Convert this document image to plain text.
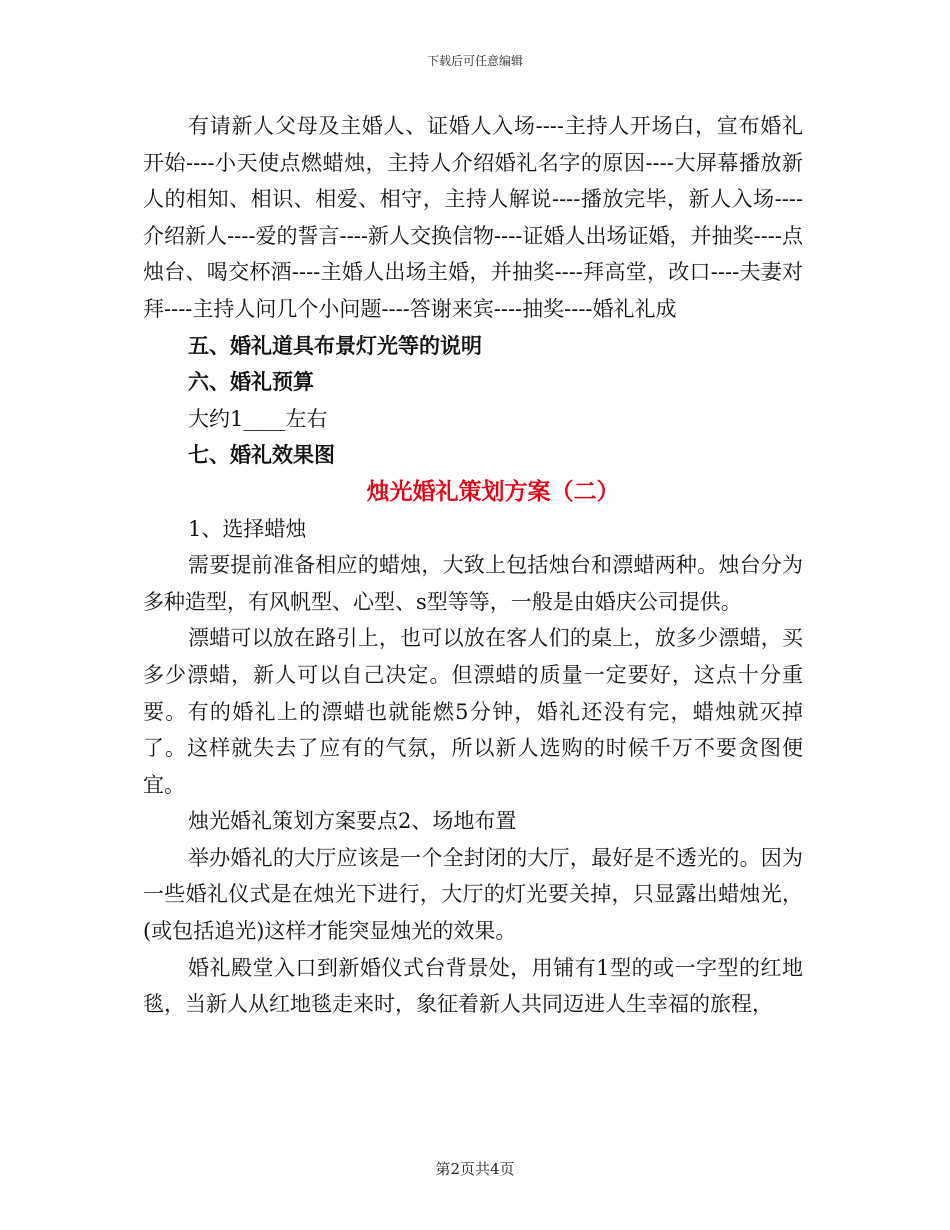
下载后可任意编辑

有请新人父母及主婚人、证婚人入场----主持人开场白，宣布婚礼开始----小天使点燃蜡烛，主持人介绍婚礼名字的原因----大屏幕播放新人的相知、相识、相爱、相守，主持人解说----播放完毕，新人入场----介绍新人----爱的誓言----新人交换信物----证婚人出场证婚，并抽奖----点烛台、喝交杯酒----主婚人出场主婚，并抽奖----拜高堂，改口----夫妻对拜----主持人问几个小问题----答谢来宾----抽奖----婚礼礼成

五、婚礼道具布景灯光等的说明

六、婚礼预算

大约1____左右

七、婚礼效果图

烛光婚礼策划方案（二）

1、选择蜡烛

需要提前准备相应的蜡烛，大致上包括烛台和漂蜡两种。烛台分为多种造型，有风帆型、心型、s型等等，一般是由婚庆公司提供。

漂蜡可以放在路引上，也可以放在客人们的桌上，放多少漂蜡，买多少漂蜡，新人可以自己决定。但漂蜡的质量一定要好，这点十分重要。有的婚礼上的漂蜡也就能燃5分钟，婚礼还没有完，蜡烛就灭掉了。这样就失去了应有的气氛，所以新人选购的时候千万不要贪图便宜。

烛光婚礼策划方案要点2、场地布置

举办婚礼的大厅应该是一个全封闭的大厅，最好是不透光的。因为一些婚礼仪式是在烛光下进行，大厅的灯光要关掉，只显露出蜡烛光，(或包括追光)这样才能突显烛光的效果。

婚礼殿堂入口到新婚仪式台背景处，用铺有1型的或一字型的红地毯，当新人从红地毯走来时，象征着新人共同迈进人生幸福的旅程，

第2页共4页
